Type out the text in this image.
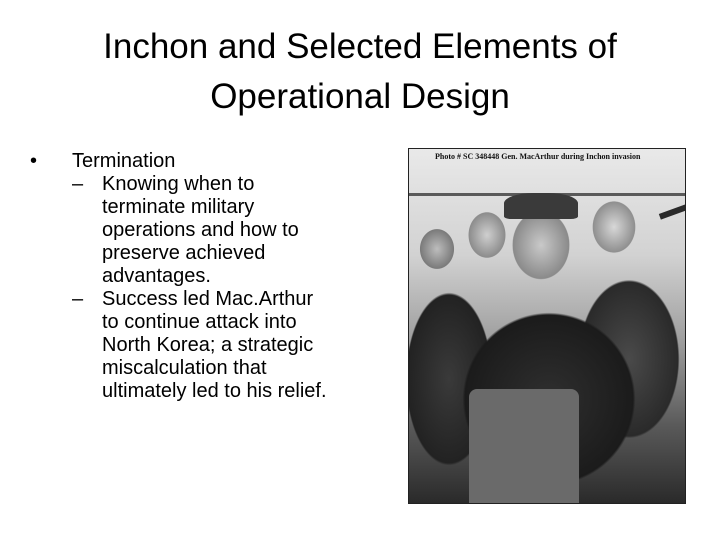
Inchon and Selected Elements of
Operational Design
• Termination
– Knowing when to
terminate military
operations and how to
preserve achieved
advantages.
– Success led Mac.Arthur
to continue attack into
North Korea; a strategic
miscalculation that
ultimately led to his relief.
Photo # SC 348448 Gen. MacArthur during Inchon invasion
